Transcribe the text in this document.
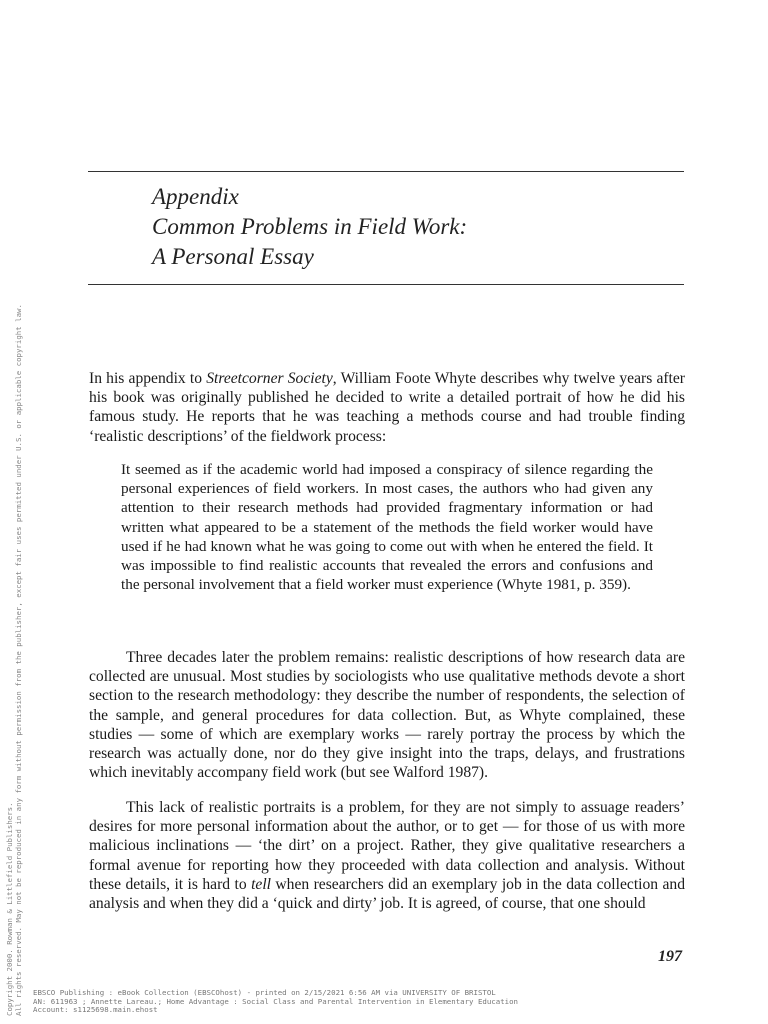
Appendix
Common Problems in Field Work:
A Personal Essay

In his appendix to Streetcorner Society, William Foote Whyte describes why twelve years after his book was originally published he decided to write a detailed portrait of how he did his famous study. He reports that he was teaching a methods course and had trouble finding ‘realistic descriptions’ of the fieldwork process:

It seemed as if the academic world had imposed a conspiracy of silence regarding the personal experiences of field workers. In most cases, the authors who had given any attention to their research methods had provided fragmentary information or had written what appeared to be a statement of the methods the field worker would have used if he had known what he was going to come out with when he entered the field. It was impossible to find realistic accounts that revealed the errors and confusions and the personal involvement that a field worker must experience (Whyte 1981, p. 359).

Three decades later the problem remains: realistic descriptions of how research data are collected are unusual. Most studies by sociologists who use qualitative methods devote a short section to the research methodology: they describe the number of respondents, the selection of the sample, and general procedures for data collection. But, as Whyte complained, these studies — some of which are exemplary works — rarely portray the process by which the research was actually done, nor do they give insight into the traps, delays, and frustrations which inevitably accompany field work (but see Walford 1987).

This lack of realistic portraits is a problem, for they are not simply to assuage readers’ desires for more personal information about the author, or to get — for those of us with more malicious inclinations — ‘the dirt’ on a project. Rather, they give qualitative researchers a formal avenue for reporting how they proceeded with data collection and analysis. Without these details, it is hard to tell when researchers did an exemplary job in the data collection and analysis and when they did a ‘quick and dirty’ job. It is agreed, of course, that one should

197
EBSCO Publishing : eBook Collection (EBSCOhost) - printed on 2/15/2021 6:56 AM via UNIVERSITY OF BRISTOL
AN: 611963 ; Annette Lareau.; Home Advantage : Social Class and Parental Intervention in Elementary Education
Account: s1125698.main.ehost
Copyright 2000. Rowman & Littlefield Publishers. All rights reserved. May not be reproduced in any form without permission from the publisher, except fair uses permitted under U.S. or applicable copyright law.
